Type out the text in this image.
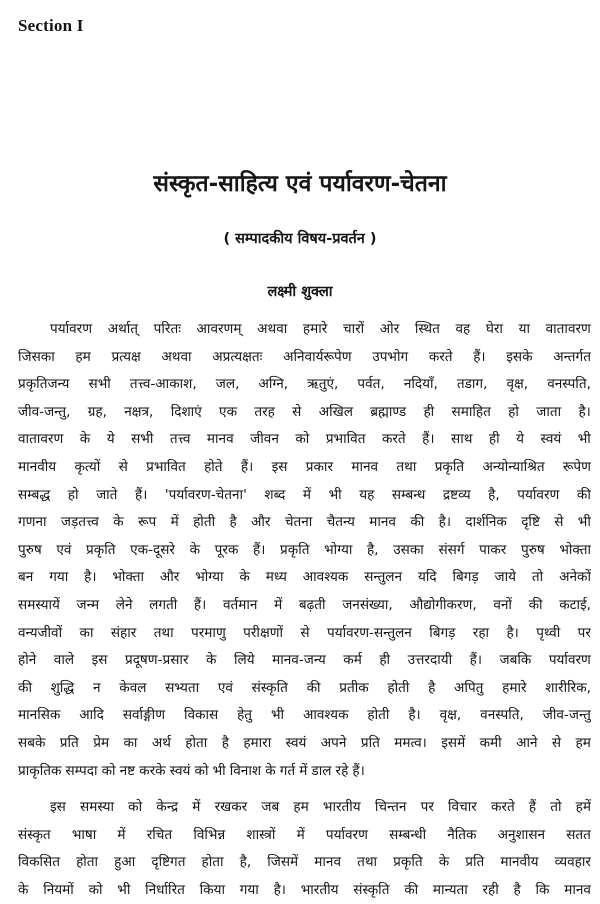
Section I
संस्कृत-साहित्य एवं पर्यावरण-चेतना
( सम्पादकीय विषय-प्रवर्तन )
लक्ष्मी शुक्ला
पर्यावरण अर्थात् परितः आवरणम् अथवा हमारे चारों ओर स्थित वह घेरा या वातावरण
जिसका हम प्रत्यक्ष अथवा अप्रत्यक्षतः अनिवार्यरूपेण उपभोग करते हैं। इसके अन्तर्गत
प्रकृतिजन्य सभी तत्त्व-आकाश, जल, अग्नि, ऋतुएं, पर्वत, नदियाँ, तडाग, वृक्ष, वनस्पति,
जीव-जन्तु, ग्रह, नक्षत्र, दिशाएं एक तरह से अखिल ब्रह्माण्ड ही समाहित हो जाता है।
वातावरण के ये सभी तत्त्व मानव जीवन को प्रभावित करते हैं। साथ ही ये स्वयं भी
मानवीय कृत्यों से प्रभावित होते हैं। इस प्रकार मानव तथा प्रकृति अन्योन्याश्रित रूपेण
सम्बद्ध हो जाते हैं। 'पर्यावरण-चेतना' शब्द में भी यह सम्बन्ध द्रष्टव्य है, पर्यावरण की
गणना जड़तत्त्व के रूप में होती है और चेतना चैतन्य मानव की है। दार्शनिक दृष्टि से भी
पुरुष एवं प्रकृति एक-दूसरे के पूरक हैं। प्रकृति भोग्या है, उसका संसर्ग पाकर पुरुष भोक्ता
बन गया है। भोक्ता और भोग्या के मध्य आवश्यक सन्तुलन यदि बिगड़ जाये तो अनेकों
समस्यायें जन्म लेने लगती हैं। वर्तमान में बढ़ती जनसंख्या, औद्योगीकरण, वनों की कटाई,
वन्यजीवों का संहार तथा परमाणु परीक्षणों से पर्यावरण-सन्तुलन बिगड़ रहा है। पृथ्वी पर
होने वाले इस प्रदूषण-प्रसार के लिये मानव-जन्य कर्म ही उत्तरदायी हैं। जबकि पर्यावरण
की शुद्धि न केवल सभ्यता एवं संस्कृति की प्रतीक होती है अपितु हमारे शारीरिक,
मानसिक आदि सर्वाङ्गीण विकास हेतु भी आवश्यक होती है। वृक्ष, वनस्पति, जीव-जन्तु
सबके प्रति प्रेम का अर्थ होता है हमारा स्वयं अपने प्रति ममत्व। इसमें कमी आने से हम
प्राकृतिक सम्पदा को नष्ट करके स्वयं को भी विनाश के गर्त में डाल रहे हैं।
इस समस्या को केन्द्र में रखकर जब हम भारतीय चिन्तन पर विचार करते हैं तो हमें
संस्कृत भाषा में रचित विभिन्न शास्त्रों में पर्यावरण सम्बन्धी नैतिक अनुशासन सतत
विकसित होता हुआ दृष्टिगत होता है, जिसमें मानव तथा प्रकृति के प्रति मानवीय व्यवहार
के नियमों को भी निर्धारित किया गया है। भारतीय संस्कृति की मान्यता रही है कि मानव
